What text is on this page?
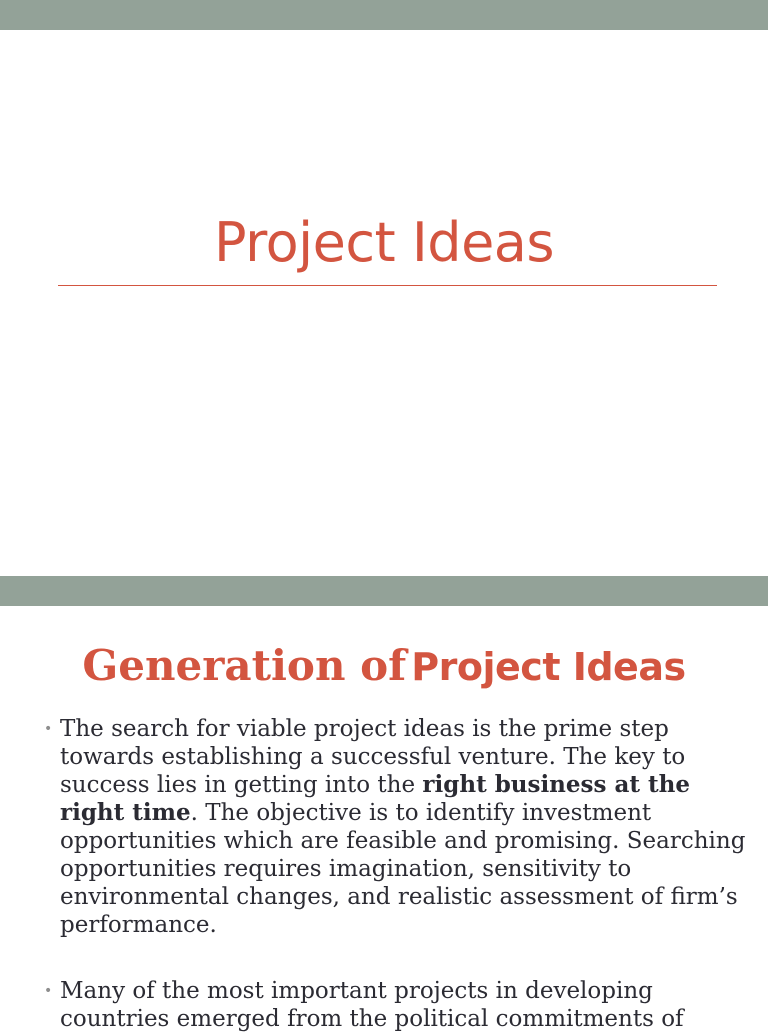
Project Ideas
Generation of Project Ideas
• The search for viable project ideas is the prime step towards establishing a successful venture. The key to success lies in getting into the right business at the right time. The objective is to identify investment opportunities which are feasible and promising. Searching opportunities requires imagination, sensitivity to environmental changes, and realistic assessment of firm’s performance.
• Many of the most important projects in developing countries emerged from the political commitments of
